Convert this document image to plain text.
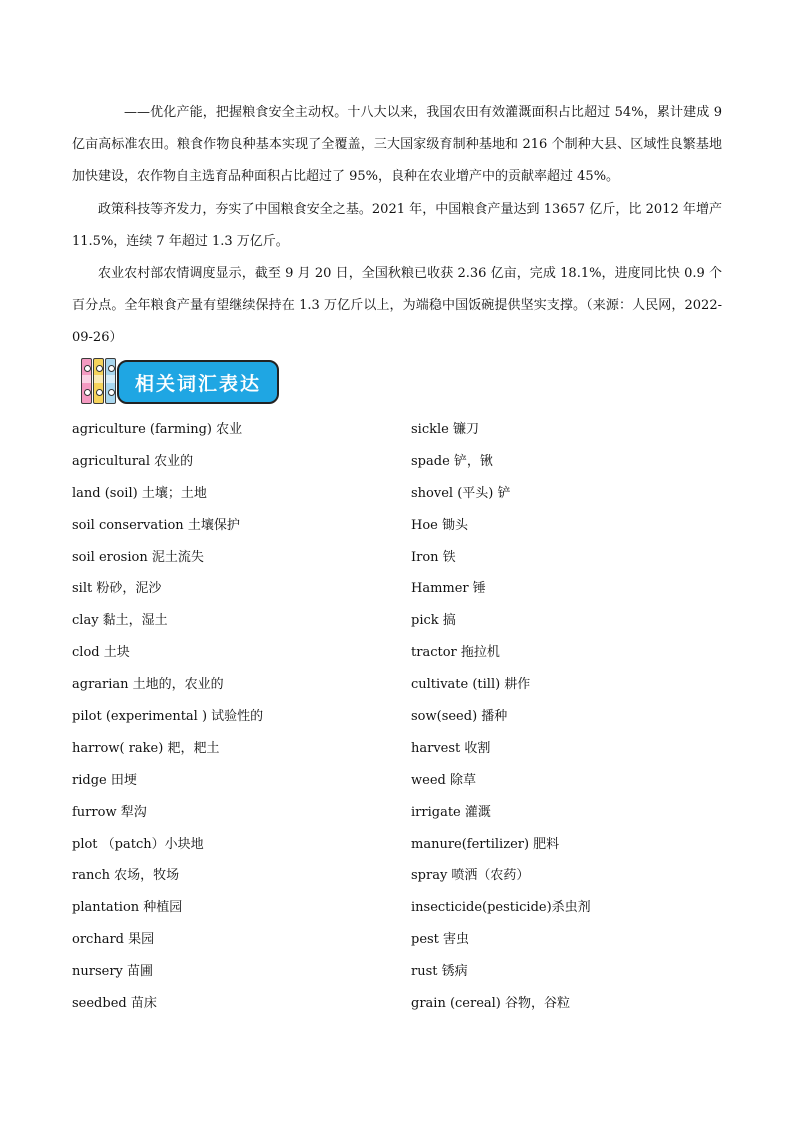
——优化产能，把握粮食安全主动权。十八大以来，我国农田有效灌溉面积占比超过 54%，累计建成 9 亿亩高标准农田。粮食作物良种基本实现了全覆盖，三大国家级育制种基地和 216 个制种大县、区域性良繁基地加快建设，农作物自主选育品种面积占比超过了 95%，良种在农业增产中的贡献率超过 45%。

政策科技等齐发力，夯实了中国粮食安全之基。2021 年，中国粮食产量达到 13657 亿斤，比 2012 年增产 11.5%，连续 7 年超过 1.3 万亿斤。

农业农村部农情调度显示，截至 9 月 20 日，全国秋粮已收获 2.36 亿亩，完成 18.1%，进度同比快 0.9 个百分点。全年粮食产量有望继续保持在 1.3 万亿斤以上，为端稳中国饭碗提供坚实支撑。（来源：人民网，2022-09-26）

相关词汇表达
agriculture (farming) 农业
agricultural 农业的
land (soil) 土壤；土地
soil conservation 土壤保护
soil erosion 泥土流失
silt 粉砂，泥沙
clay 黏土，湿土
clod 土块
agrarian 土地的，农业的
pilot (experimental ) 试验性的
harrow( rake) 耙，耙土
ridge 田埂
furrow 犁沟
plot （patch）小块地
ranch 农场，牧场
plantation 种植园
orchard 果园
nursery 苗圃
seedbed 苗床
sickle 镰刀
spade 铲，锹
shovel (平头) 铲
Hoe 锄头
Iron 铁
Hammer 锤
pick 搞
tractor 拖拉机
cultivate (till) 耕作
sow(seed) 播种
harvest 收割
weed 除草
irrigate 灌溉
manure(fertilizer) 肥料
spray 喷洒（农药）
insecticide(pesticide)杀虫剂
pest 害虫
rust 锈病
grain (cereal) 谷物，谷粒
